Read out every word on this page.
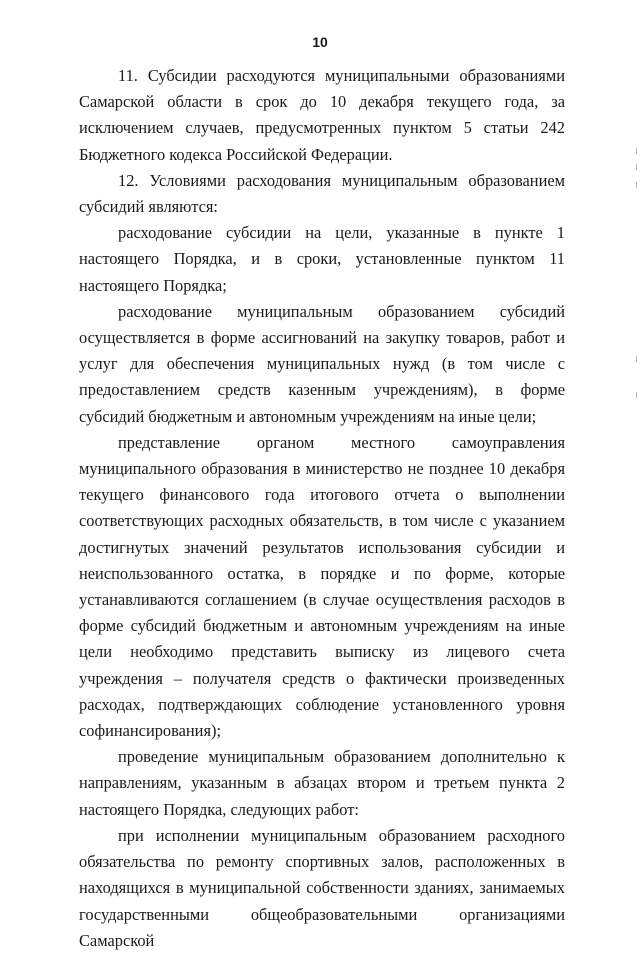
10

11. Субсидии расходуются муниципальными образованиями Самарской области в срок до 10 декабря текущего года, за исключением случаев, предусмотренных пунктом 5 статьи 242 Бюджетного кодекса Российской Федерации.

12. Условиями расходования муниципальным образованием субсидий являются:

расходование субсидии на цели, указанные в пункте 1 настоящего Порядка, и в сроки, установленные пунктом 11 настоящего Порядка;

расходование муниципальным образованием субсидий осуществляется в форме ассигнований на закупку товаров, работ и услуг для обеспечения муниципальных нужд (в том числе с предоставлением средств казенным учреждениям), в форме субсидий бюджетным и автономным учреждениям на иные цели;

представление органом местного самоуправления муниципального образования в министерство не позднее 10 декабря текущего финансового года итогового отчета о выполнении соответствующих расходных обязательств, в том числе с указанием достигнутых значений результатов использования субсидии и неиспользованного остатка, в порядке и по форме, которые устанавливаются соглашением (в случае осуществления расходов в форме субсидий бюджетным и автономным учреждениям на иные цели необходимо представить выписку из лицевого счета учреждения – получателя средств о фактически произведенных расходах, подтверждающих соблюдение установленного уровня софинансирования);

проведение муниципальным образованием дополнительно к направлениям, указанным в абзацах втором и третьем пункта 2 настоящего Порядка, следующих работ:

при исполнении муниципальным образованием расходного обязательства по ремонту спортивных залов, расположенных в находящихся в муниципальной собственности зданиях, занимаемых государственными общеобразовательными организациями Самарской
